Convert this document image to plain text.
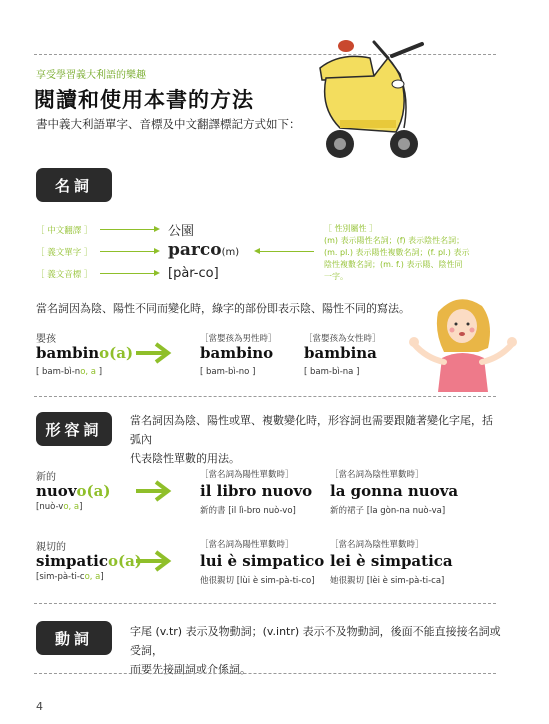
享受學習義大利語的樂趣
閱讀和使用本書的方法
書中義大利語單字、音標及中文翻譯標記方式如下：
名詞
［ 中文翻譯 ］
［ 義文單字 ］
［ 義文音標 ］
公園
parco(m)
[pàr-co]
［ 性別屬性 ］
(m) 表示陽性名詞；(f) 表示陰性名詞；
(m. pl.) 表示陽性複數名詞；(f. pl.) 表示
陰性複數名詞；(m. f.) 表示陽、陰性同
一字。
當名詞因為陰、陽性不同而變化時，綠字的部份即表示陰、陽性不同的寫法。
嬰孩
bambino(a)
[ bam-bì-no, a ]
［當嬰孩為男性時］
bambino
[ bam-bì-no ]
［當嬰孩為女性時］
bambina
[ bam-bì-na ]
形容詞	當名詞因為陰、陽性或單、複數變化時，形容詞也需要跟隨著變化字尾，括弧內
代表陰性單數的用法。
新的
nuovo(a)
[nuò-vo, a]
［當名詞為陽性單數時］
il libro nuovo
新的書 [il lì-bro nuò-vo]
［當名詞為陰性單數時］
la gonna nuova
新的裙子 [la gòn-na nuò-va]
親切的
simpatico(a)
[sim-pà-ti-co, a]
［當名詞為陽性單數時］
lui è simpatico
他很親切 [lùi è sim-pà-ti-co]
［當名詞為陰性單數時］
lei è simpatica
她很親切 [lèi è sim-pà-ti-ca]
動詞	字尾 (v.tr) 表示及物動詞；(v.intr) 表示不及物動詞，後面不能直接接名詞或受詞，
而要先接副詞或介係詞。
4
